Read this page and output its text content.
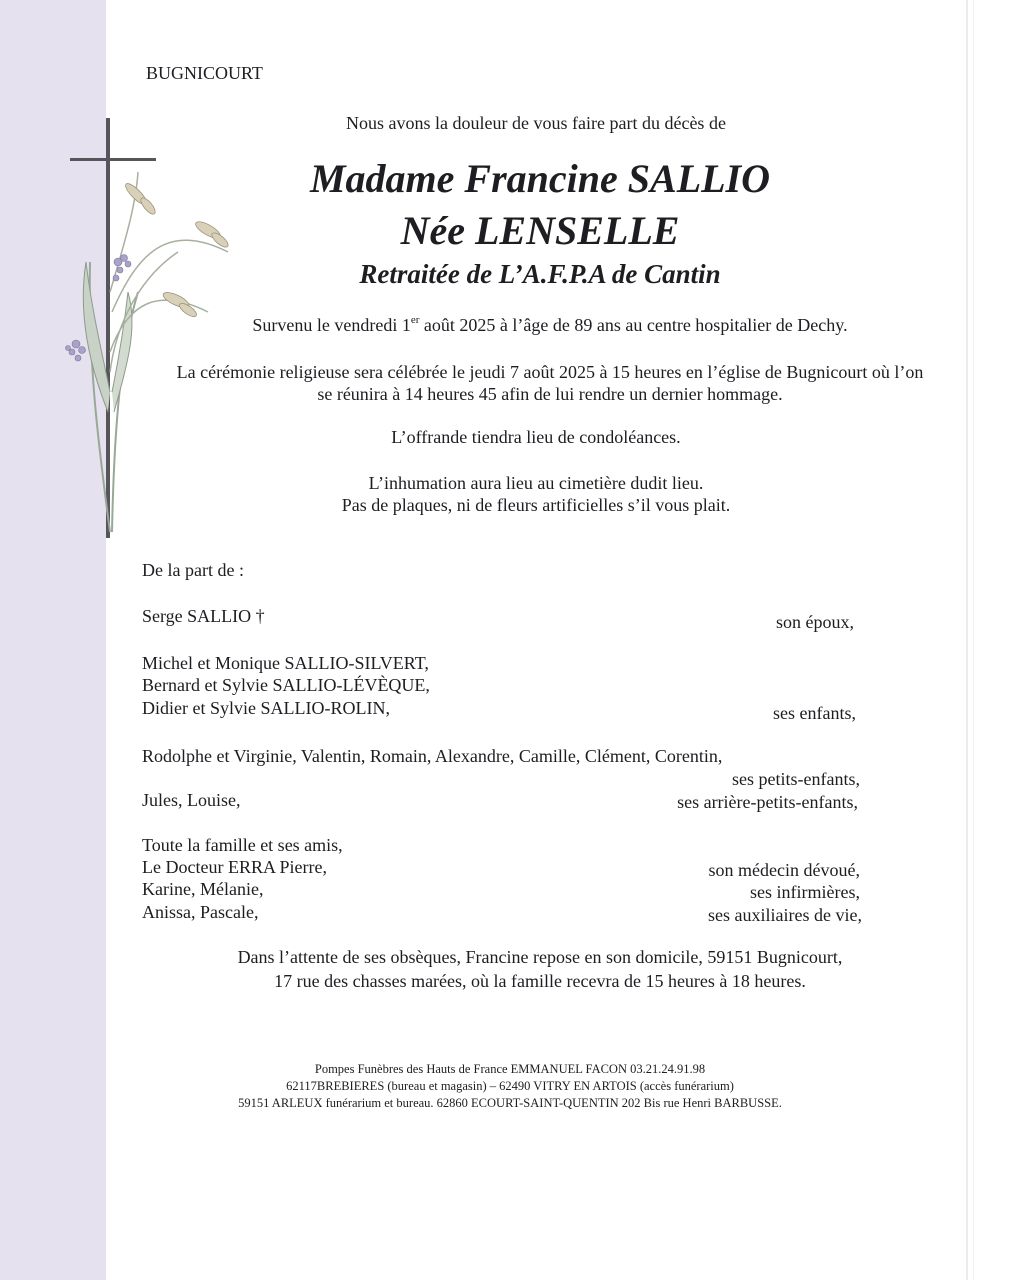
BUGNICOURT
Nous avons la douleur de vous faire part du décès de
Madame Francine SALLIO
Née LENSELLE
Retraitée de L’A.F.P.A de Cantin
Survenu le vendredi 1er août 2025 à l’âge de 89 ans au centre hospitalier de Dechy.
La cérémonie religieuse sera célébrée le jeudi 7 août 2025 à 15 heures en l’église de Bugnicourt où l’on
se réunira à 14 heures 45 afin de lui rendre un dernier hommage.
L’offrande tiendra lieu de condoléances.
L’inhumation aura lieu au cimetière dudit lieu.
Pas de plaques, ni de fleurs artificielles s’il vous plait.
De la part de :
Serge SALLIO †	son époux,
Michel et Monique SALLIO-SILVERT,
Bernard et Sylvie SALLIO-LÉVÈQUE,
Didier et Sylvie SALLIO-ROLIN,	ses enfants,
Rodolphe et Virginie, Valentin, Romain, Alexandre, Camille, Clément, Corentin,
ses petits-enfants,
Jules, Louise,	ses arrière-petits-enfants,
Toute la famille et ses amis,
Le Docteur ERRA Pierre,	son médecin dévoué,
Karine, Mélanie,	ses infirmières,
Anissa, Pascale,	ses auxiliaires de vie,
Dans l’attente de ses obsèques, Francine repose en son domicile, 59151 Bugnicourt,
17 rue des chasses marées, où la famille recevra de 15 heures à 18 heures.
Pompes Funèbres des Hauts de France EMMANUEL FACON 03.21.24.91.98
62117BREBIERES (bureau et magasin) – 62490 VITRY EN ARTOIS (accès funérarium)
59151 ARLEUX funérarium et bureau. 62860 ECOURT-SAINT-QUENTIN 202 Bis rue Henri BARBUSSE.
